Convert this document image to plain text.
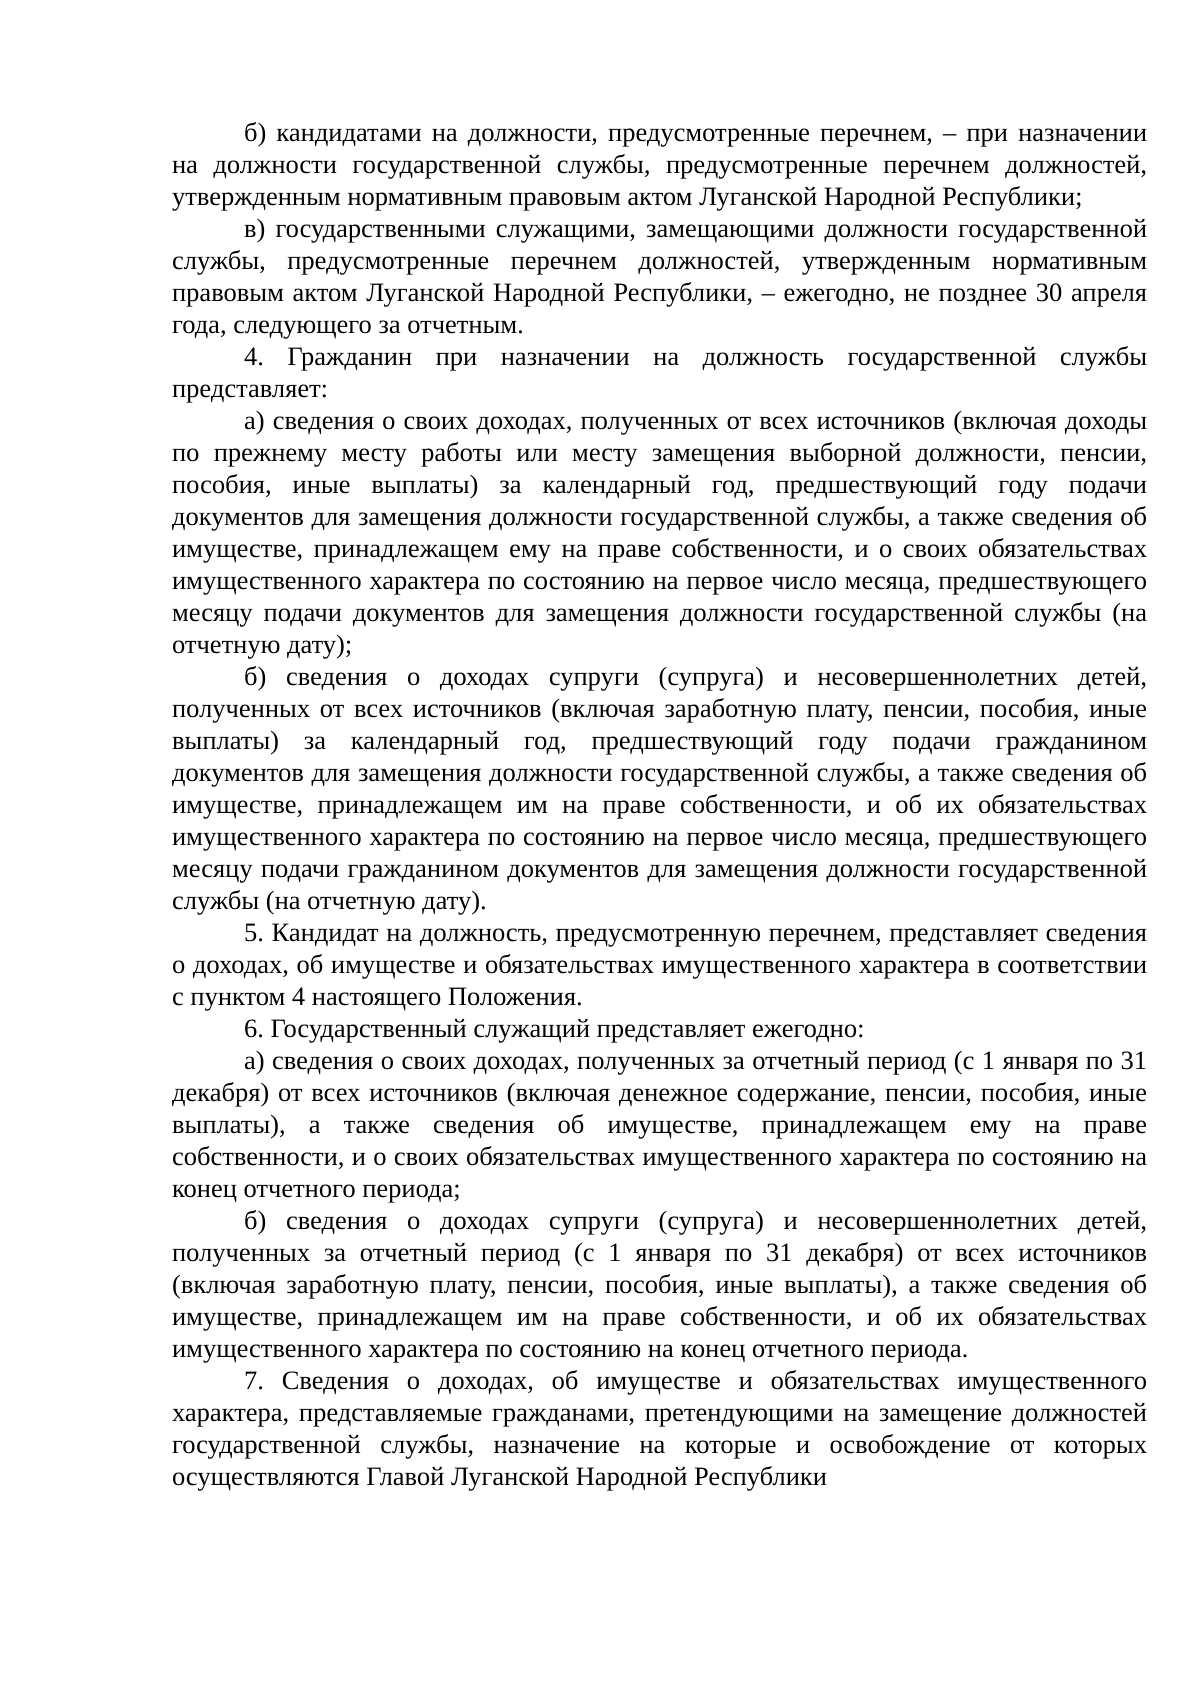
б) кандидатами на должности, предусмотренные перечнем, – при назначении на должности государственной службы, предусмотренные перечнем должностей, утвержденным нормативным правовым актом Луганской Народной Республики;

в) государственными служащими, замещающими должности государственной службы, предусмотренные перечнем должностей, утвержденным нормативным правовым актом Луганской Народной Республики, – ежегодно, не позднее 30 апреля года, следующего за отчетным.

4. Гражданин при назначении на должность государственной службы представляет:

а) сведения о своих доходах, полученных от всех источников (включая доходы по прежнему месту работы или месту замещения выборной должности, пенсии, пособия, иные выплаты) за календарный год, предшествующий году подачи документов для замещения должности государственной службы, а также сведения об имуществе, принадлежащем ему на праве собственности, и о своих обязательствах имущественного характера по состоянию на первое число месяца, предшествующего месяцу подачи документов для замещения должности государственной службы (на отчетную дату);

б) сведения о доходах супруги (супруга) и несовершеннолетних детей, полученных от всех источников (включая заработную плату, пенсии, пособия, иные выплаты) за календарный год, предшествующий году подачи гражданином документов для замещения должности государственной службы, а также сведения об имуществе, принадлежащем им на праве собственности, и об их обязательствах имущественного характера по состоянию на первое число месяца, предшествующего месяцу подачи гражданином документов для замещения должности государственной службы (на отчетную дату).

5. Кандидат на должность, предусмотренную перечнем, представляет сведения о доходах, об имуществе и обязательствах имущественного характера в соответствии с пунктом 4 настоящего Положения.

6. Государственный служащий представляет ежегодно:

а) сведения о своих доходах, полученных за отчетный период (с 1 января по 31 декабря) от всех источников (включая денежное содержание, пенсии, пособия, иные выплаты), а также сведения об имуществе, принадлежащем ему на праве собственности, и о своих обязательствах имущественного характера по состоянию на конец отчетного периода;

б) сведения о доходах супруги (супруга) и несовершеннолетних детей, полученных за отчетный период (с 1 января по 31 декабря) от всех источников (включая заработную плату, пенсии, пособия, иные выплаты), а также сведения об имуществе, принадлежащем им на праве собственности, и об их обязательствах имущественного характера по состоянию на конец отчетного периода.

7. Сведения о доходах, об имуществе и обязательствах имущественного характера, представляемые гражданами, претендующими на замещение должностей государственной службы, назначение на которые и освобождение от которых осуществляются Главой Луганской Народной Республики
